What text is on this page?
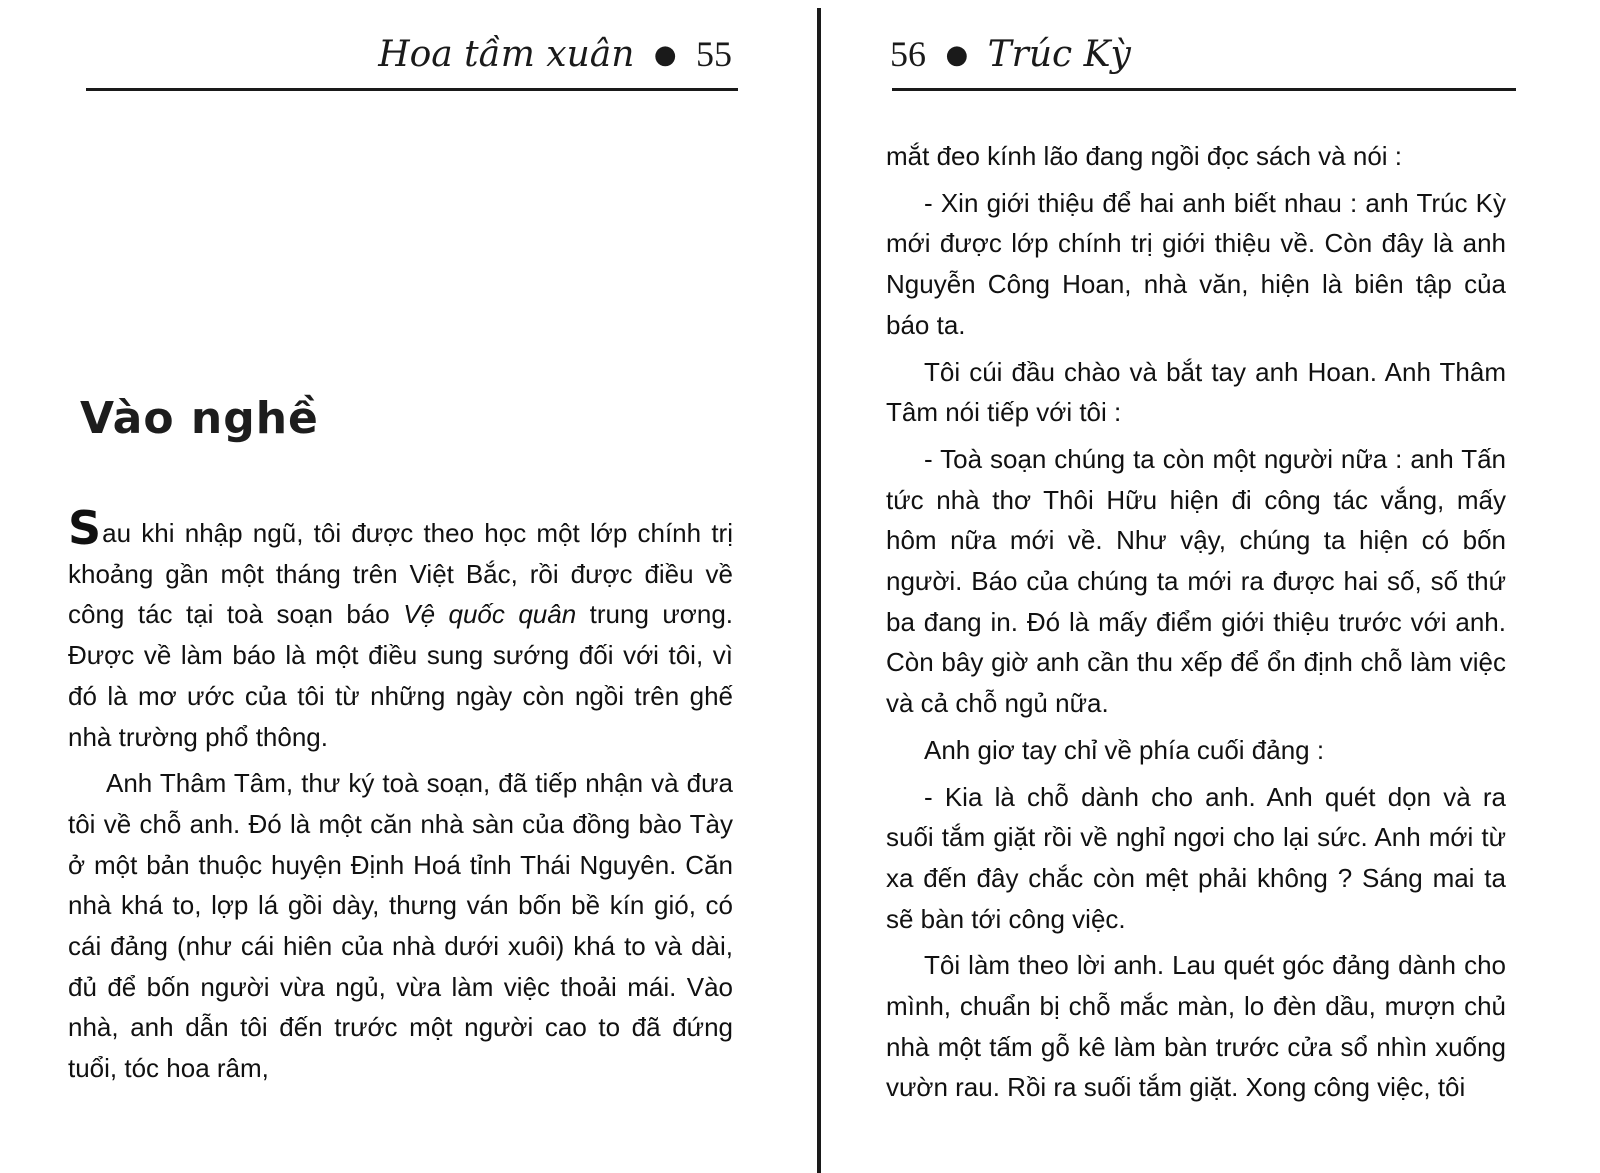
Hoa tầm xuân ● 55
Vào nghề

Sau khi nhập ngũ, tôi được theo học một lớp chính trị khoảng gần một tháng trên Việt Bắc, rồi được điều về công tác tại toà soạn báo Vệ quốc quân trung ương. Được về làm báo là một điều sung sướng đối với tôi, vì đó là mơ ước của tôi từ những ngày còn ngồi trên ghế nhà trường phổ thông.

Anh Thâm Tâm, thư ký toà soạn, đã tiếp nhận và đưa tôi về chỗ anh. Đó là một căn nhà sàn của đồng bào Tày ở một bản thuộc huyện Định Hoá tỉnh Thái Nguyên. Căn nhà khá to, lợp lá gồi dày, thưng ván bốn bề kín gió, có cái đảng (như cái hiên của nhà dưới xuôi) khá to và dài, đủ để bốn người vừa ngủ, vừa làm việc thoải mái. Vào nhà, anh dẫn tôi đến trước một người cao to đã đứng tuổi, tóc hoa râm,

56 ● Trúc Kỳ

mắt đeo kính lão đang ngồi đọc sách và nói :

- Xin giới thiệu để hai anh biết nhau : anh Trúc Kỳ mới được lớp chính trị giới thiệu về. Còn đây là anh Nguyễn Công Hoan, nhà văn, hiện là biên tập của báo ta.

Tôi cúi đầu chào và bắt tay anh Hoan. Anh Thâm Tâm nói tiếp với tôi :

- Toà soạn chúng ta còn một người nữa : anh Tấn tức nhà thơ Thôi Hữu hiện đi công tác vắng, mấy hôm nữa mới về. Như vậy, chúng ta hiện có bốn người. Báo của chúng ta mới ra được hai số, số thứ ba đang in. Đó là mấy điểm giới thiệu trước với anh. Còn bây giờ anh cần thu xếp để ổn định chỗ làm việc và cả chỗ ngủ nữa.

Anh giơ tay chỉ về phía cuối đảng :

- Kia là chỗ dành cho anh. Anh quét dọn và ra suối tắm giặt rồi về nghỉ ngơi cho lại sức. Anh mới từ xa đến đây chắc còn mệt phải không ? Sáng mai ta sẽ bàn tới công việc.

Tôi làm theo lời anh. Lau quét góc đảng dành cho mình, chuẩn bị chỗ mắc màn, lo đèn dầu, mượn chủ nhà một tấm gỗ kê làm bàn trước cửa sổ nhìn xuống vườn rau. Rồi ra suối tắm giặt. Xong công việc, tôi
